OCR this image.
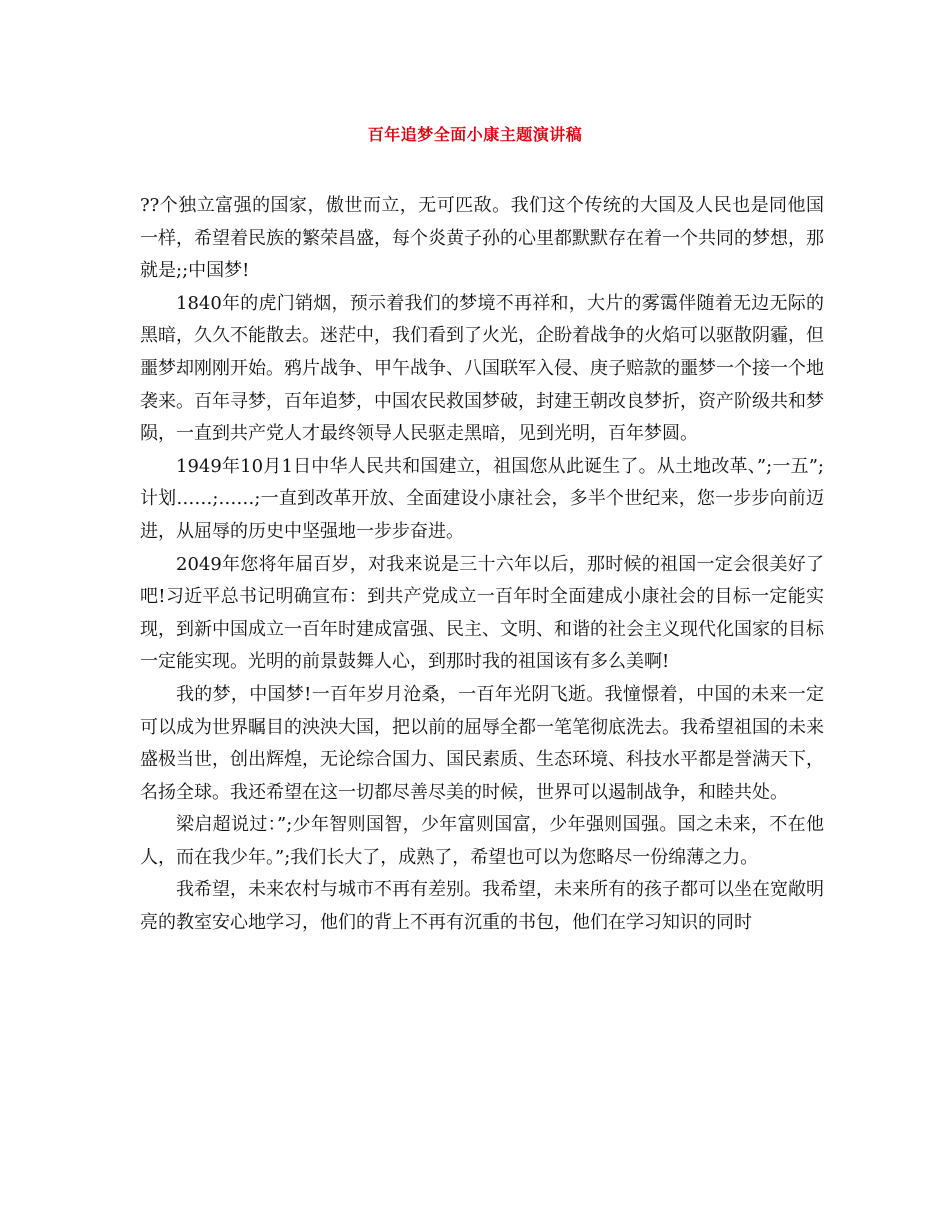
百年追梦全面小康主题演讲稿

??个独立富强的国家，傲世而立，无可匹敌。我们这个传统的大国及人民也是同他国一样，希望着民族的繁荣昌盛，每个炎黄子孙的心里都默默存在着一个共同的梦想，那就是;;中国梦!

1840年的虎门销烟，预示着我们的梦境不再祥和，大片的雾霭伴随着无边无际的黑暗，久久不能散去。迷茫中，我们看到了火光，企盼着战争的火焰可以驱散阴霾，但噩梦却刚刚开始。鸦片战争、甲午战争、八国联军入侵、庚子赔款的噩梦一个接一个地袭来。百年寻梦，百年追梦，中国农民救国梦破，封建王朝改良梦折，资产阶级共和梦陨，一直到共产党人才最终领导人民驱走黑暗，见到光明，百年梦圆。

1949年10月1日中华人民共和国建立，祖国您从此诞生了。从土地改革、”;一五”;计划……;……;一直到改革开放、全面建设小康社会，多半个世纪来，您一步步向前迈进，从屈辱的历史中坚强地一步步奋进。

2049年您将年届百岁，对我来说是三十六年以后，那时候的祖国一定会很美好了吧!习近平总书记明确宣布：到共产党成立一百年时全面建成小康社会的目标一定能实现，到新中国成立一百年时建成富强、民主、文明、和谐的社会主义现代化国家的目标一定能实现。光明的前景鼓舞人心，到那时我的祖国该有多么美啊!

我的梦，中国梦!一百年岁月沧桑，一百年光阴飞逝。我憧憬着，中国的未来一定可以成为世界瞩目的泱泱大国，把以前的屈辱全都一笔笔彻底洗去。我希望祖国的未来盛极当世，创出辉煌，无论综合国力、国民素质、生态环境、科技水平都是誉满天下，名扬全球。我还希望在这一切都尽善尽美的时候，世界可以遏制战争，和睦共处。

梁启超说过：”;少年智则国智，少年富则国富，少年强则国强。国之未来，不在他人，而在我少年。”;我们长大了，成熟了，希望也可以为您略尽一份绵薄之力。

我希望，未来农村与城市不再有差别。我希望，未来所有的孩子都可以坐在宽敞明亮的教室安心地学习，他们的背上不再有沉重的书包，他们在学习知识的同时
